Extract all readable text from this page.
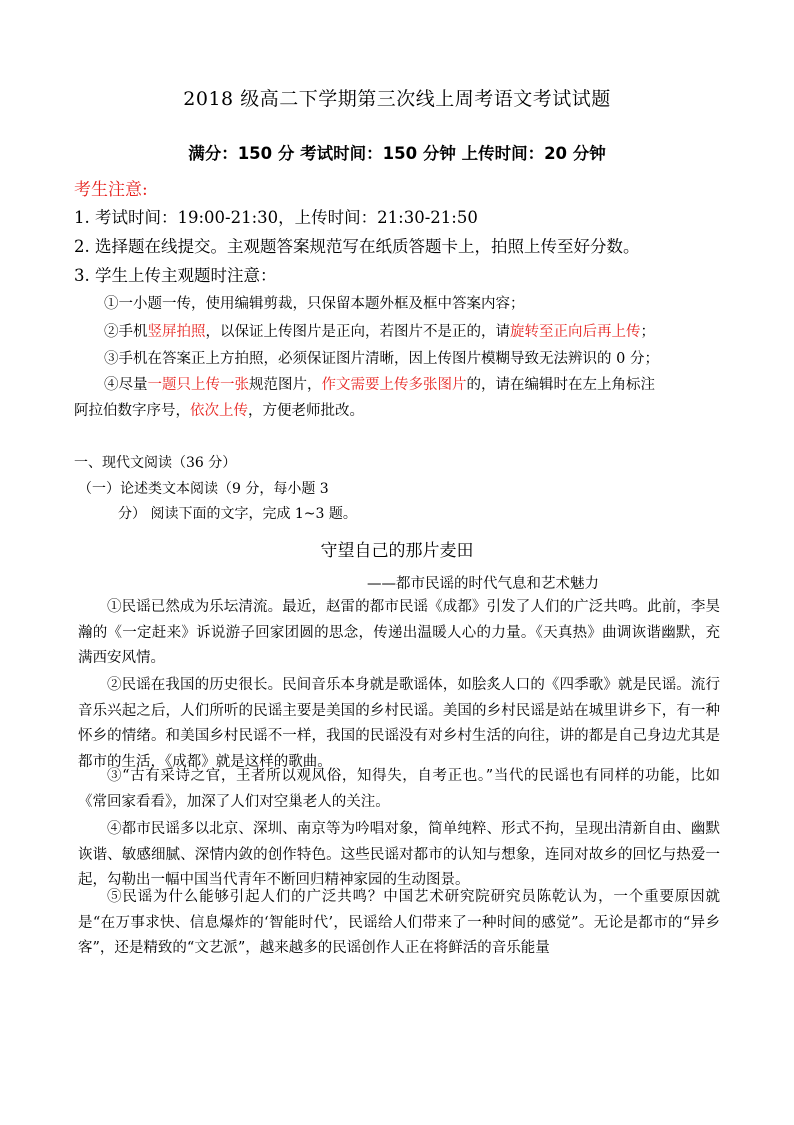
2018 级高二下学期第三次线上周考语文考试试题
满分：150 分 考试时间：150 分钟 上传时间：20 分钟
考生注意:
1. 考试时间：19:00-21:30，上传时间：21:30-21:50
2. 选择题在线提交。主观题答案规范写在纸质答题卡上，拍照上传至好分数。
3. 学生上传主观题时注意：
①一小题一传，使用编辑剪裁，只保留本题外框及框中答案内容；
②手机竖屏拍照，以保证上传图片是正向，若图片不是正的，请旋转至正向后再上传；
③手机在答案正上方拍照，必须保证图片清晰，因上传图片模糊导致无法辨识的 0 分；
④尽量一题只上传一张规范图片，作文需要上传多张图片的，请在编辑时在左上角标注
阿拉伯数字序号，依次上传，方便老师批改。
一、现代文阅读（36 分）
（一）论述类文本阅读（9 分，每小题 3
分） 阅读下面的文字，完成 1~3 题。
守望自己的那片麦田
——都市民谣的时代气息和艺术魅力
①民谣已然成为乐坛清流。最近，赵雷的都市民谣《成都》引发了人们的广泛共鸣。此前，李昊瀚的《一定赶来》诉说游子回家团圆的思念，传递出温暖人心的力量。《天真热》曲调诙谐幽默，充满西安风情。
②民谣在我国的历史很长。民间音乐本身就是歌谣体，如脍炙人口的《四季歌》就是民谣。流行音乐兴起之后，人们所听的民谣主要是美国的乡村民谣。美国的乡村民谣是站在城里讲乡下，有一种怀乡的情绪。和美国乡村民谣不一样，我国的民谣没有对乡村生活的向往，讲的都是自己身边尤其是都市的生活，《成都》就是这样的歌曲。
③“古有采诗之官，王者所以观风俗，知得失，自考正也。”当代的民谣也有同样的功能，比如《常回家看看》，加深了人们对空巢老人的关注。
④都市民谣多以北京、深圳、南京等为吟唱对象，简单纯粹、形式不拘，呈现出清新自由、幽默诙谐、敏感细腻、深情内敛的创作特色。这些民谣对都市的认知与想象，连同对故乡的回忆与热爱一起，勾勒出一幅中国当代青年不断回归精神家园的生动图景。
⑤民谣为什么能够引起人们的广泛共鸣？中国艺术研究院研究员陈乾认为，一个重要原因就是“在万事求快、信息爆炸的‘智能时代’，民谣给人们带来了一种时间的感觉”。无论是都市的“异乡客”，还是精致的“文艺派”，越来越多的民谣创作人正在将鲜活的音乐能量
